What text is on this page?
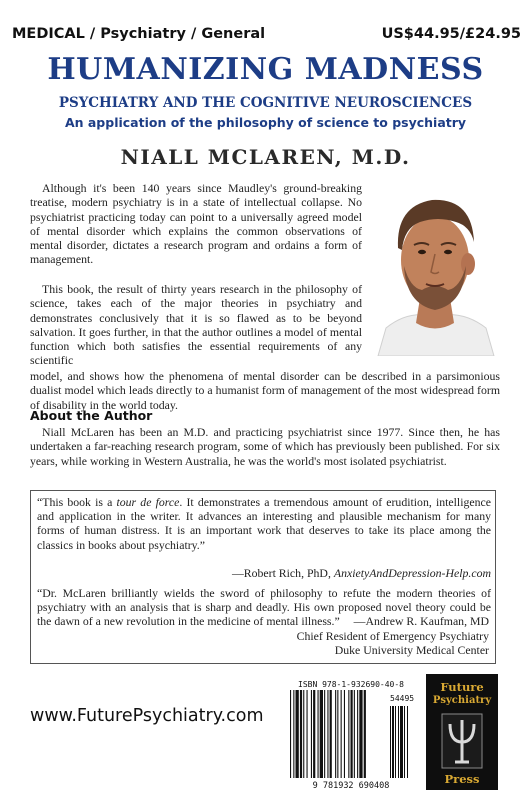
MEDICAL / Psychiatry / General	US$44.95/£24.95
HUMANIZING MADNESS
PSYCHIATRY AND THE COGNITIVE NEUROSCIENCES
An application of the philosophy of science to psychiatry
NIALL MCLAREN, M.D.
Although it's been 140 years since Maudley's ground-breaking treatise, modern psychiatry is in a state of intellectual collapse. No psychiatrist practicing today can point to a universally agreed model of mental disorder which explains the common observations of mental disorder, dictates a research program and ordains a form of management.
This book, the result of thirty years research in the philosophy of science, takes each of the major theories in psychiatry and demonstrates conclusively that it is so flawed as to be beyond salvation. It goes further, in that the author outlines a model of mental function which both satisfies the essential requirements of any scientific
model, and shows how the phenomena of mental disorder can be described in a parsimonious dualist model which leads directly to a humanist form of management of the most widespread form of disability in the world today.
About the Author
Niall McLaren has been an M.D. and practicing psychiatrist since 1977. Since then, he has undertaken a far-reaching research program, some of which has previously been published. For six years, while working in Western Australia, he was the world's most isolated psychiatrist.
“This book is a tour de force. It demonstrates a tremendous amount of erudition, intelligence and application in the writer. It advances an interesting and plausible mechanism for many forms of human distress. It is an important work that deserves to take its place among the classics in books about psychiatry.”
—Robert Rich, PhD, AnxietyAndDepression-Help.com
“Dr. McLaren brilliantly wields the sword of philosophy to refute the modern theories of psychiatry with an analysis that is sharp and deadly. His own proposed novel theory could be the dawn of a new revolution in the medicine of mental illness.”	—Andrew R. Kaufman, MD
Chief Resident of Emergency Psychiatry
Duke University Medical Center
www.FuturePsychiatry.com
ISBN 978-1-932690-40-8
54495
9 781932 690408
Future
Psychiatry
Press
